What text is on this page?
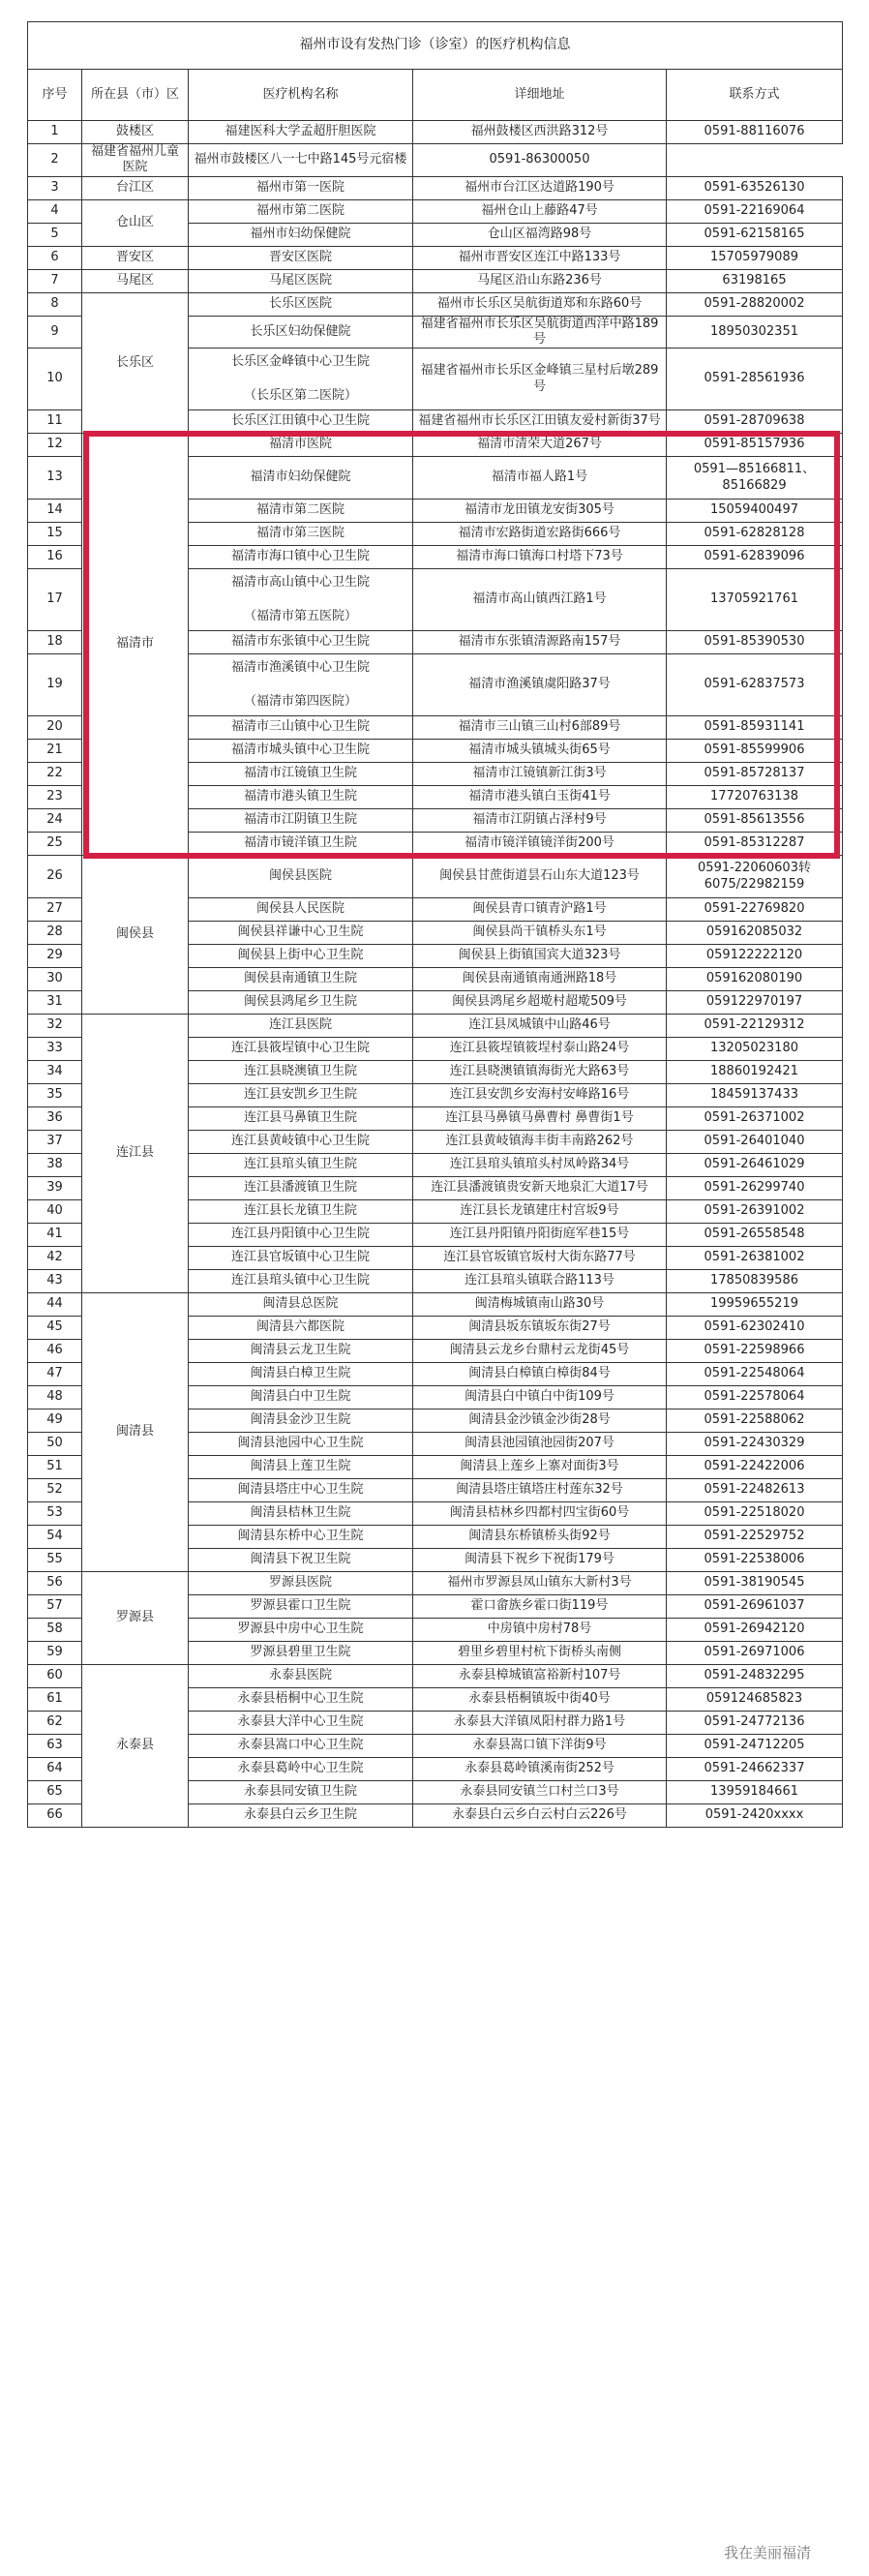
福州市设有发热门诊（诊室）的医疗机构信息				
序号	所在县（市）区	医疗机构名称	详细地址	联系方式
1	鼓楼区	福建医科大学孟超肝胆医院	福州鼓楼区西洪路312号	0591-88116076

2	福建省福州儿童医院	福州市鼓楼区八一七中路145号元宿楼	0591-86300050	

3	台江区	福州市第一医院	福州市台江区达道路190号	0591-63526130

4	仓山区	福州市第二医院	福州仓山上藤路47号	0591-22169064

5		福州市妇幼保健院	仓山区福湾路98号	0591-62158165

6	晋安区	晋安区医院	福州市晋安区连江中路133号	15705979089

7	马尾区	马尾区医院	马尾区沿山东路236号	63198165

8	长乐区	长乐区医院	福州市长乐区吴航街道郑和东路60号	0591-28820002

9		长乐区妇幼保健院	福建省福州市长乐区吴航街道西洋中路189号	18950302351

10		长乐区金峰镇中心卫生院
（长乐区第二医院）	福建省福州市长乐区金峰镇三星村后墩289号	0591-28561936

11		长乐区江田镇中心卫生院	福建省福州市长乐区江田镇友爱村新街37号	0591-28709638

12	福清市	福清市医院	福清市清荣大道267号	0591-85157936

13		福清市妇幼保健院	福清市福人路1号	0591—85166811、
85166829

14		福清市第二医院	福清市龙田镇龙安街305号	15059400497

15		福清市第三医院	福清市宏路街道宏路街666号	0591-62828128

16		福清市海口镇中心卫生院	福清市海口镇海口村塔下73号	0591-62839096

17		福清市高山镇中心卫生院
（福清市第五医院）	福清市高山镇西江路1号	13705921761

18		福清市东张镇中心卫生院	福清市东张镇清源路南157号	0591-85390530

19		福清市渔溪镇中心卫生院
（福清市第四医院）	福清市渔溪镇虞阳路37号	0591-62837573

20		福清市三山镇中心卫生院	福清市三山镇三山村6部89号	0591-85931141

21		福清市城头镇中心卫生院	福清市城头镇城头街65号	0591-85599906

22		福清市江镜镇卫生院	福清市江镜镇新江街3号	0591-85728137

23		福清市港头镇卫生院	福清市港头镇白玉街41号	17720763138

24		福清市江阴镇卫生院	福清市江阴镇占泽村9号	0591-85613556

25		福清市镜洋镇卫生院	福清市镜洋镇镜洋街200号	0591-85312287

26	闽侯县	闽侯县医院	闽侯县甘蔗街道昙石山东大道123号	0591-22060603转
6075/22982159

27		闽侯县人民医院	闽侯县青口镇青沪路1号	0591-22769820

28		闽侯县祥谦中心卫生院	闽侯县尚干镇桥头东1号	059162085032

29		闽侯县上街中心卫生院	闽侯县上街镇国宾大道323号	059122222120

30		闽侯县南通镇卫生院	闽侯县南通镇南通洲路18号	059162080190

31		闽侯县鸿尾乡卫生院	闽侯县鸿尾乡超墘村超墘509号	059122970197

32	连江县	连江县医院	连江县凤城镇中山路46号	0591-22129312

33		连江县筱埕镇中心卫生院	连江县筱埕镇筱埕村泰山路24号	13205023180

34		连江县晓澳镇卫生院	连江县晓澳镇镇海街光大路63号	18860192421

35		连江县安凯乡卫生院	连江县安凯乡安海村安峰路16号	18459137433

36		连江县马鼻镇卫生院	连江县马鼻镇马鼻曹村 鼻曹街1号	0591-26371002

37		连江县黄岐镇中心卫生院	连江县黄岐镇海丰街丰南路262号	0591-26401040

38		连江县琯头镇卫生院	连江县琯头镇琯头村凤岭路34号	0591-26461029

39		连江县潘渡镇卫生院	连江县潘渡镇贵安新天地泉汇大道17号	0591-26299740

40		连江县长龙镇卫生院	连江县长龙镇建庄村宫坂9号	0591-26391002

41		连江县丹阳镇中心卫生院	连江县丹阳镇丹阳街庭军巷15号	0591-26558548

42		连江县官坂镇中心卫生院	连江县官坂镇官坂村大街东路77号	0591-26381002

43		连江县琯头镇中心卫生院	连江县琯头镇联合路113号	17850839586

44	闽清县	闽清县总医院	闽清梅城镇南山路30号	19959655219

45		闽清县六都医院	闽清县坂东镇坂东街27号	0591-62302410

46		闽清县云龙卫生院	闽清县云龙乡台鼎村云龙街45号	0591-22598966

47		闽清县白樟卫生院	闽清县白樟镇白樟街84号	0591-22548064

48		闽清县白中卫生院	闽清县白中镇白中街109号	0591-22578064

49		闽清县金沙卫生院	闽清县金沙镇金沙街28号	0591-22588062

50		闽清县池园中心卫生院	闽清县池园镇池园街207号	0591-22430329

51		闽清县上莲卫生院	闽清县上莲乡上寨对面街3号	0591-22422006

52		闽清县塔庄中心卫生院	闽清县塔庄镇塔庄村莲东32号	0591-22482613

53		闽清县桔林卫生院	闽清县桔林乡四都村四宝街60号	0591-22518020

54		闽清县东桥中心卫生院	闽清县东桥镇桥头街92号	0591-22529752

55		闽清县下祝卫生院	闽清县下祝乡下祝街179号	0591-22538006

56	罗源县	罗源县医院	福州市罗源县凤山镇东大新村3号	0591-38190545

57		罗源县霍口卫生院	霍口畲族乡霍口街119号	0591-26961037

58		罗源县中房中心卫生院	中房镇中房村78号	0591-26942120

59		罗源县碧里卫生院	碧里乡碧里村杭下街桥头南侧	0591-26971006

60	永泰县	永泰县医院	永泰县樟城镇富裕新村107号	0591-24832295

61		永泰县梧桐中心卫生院	永泰县梧桐镇坂中街40号	059124685823

62		永泰县大洋中心卫生院	永泰县大洋镇凤阳村群力路1号	0591-24772136

63		永泰县嵩口中心卫生院	永泰县嵩口镇下洋街9号	0591-24712205

64		永泰县葛岭中心卫生院	永泰县葛岭镇溪南街252号	0591-24662337

65		永泰县同安镇卫生院	永泰县同安镇兰口村兰口3号	13959184661

66		永泰县白云乡卫生院	永泰县白云乡白云村白云226号	0591-2420xxxx
我在美丽福清
